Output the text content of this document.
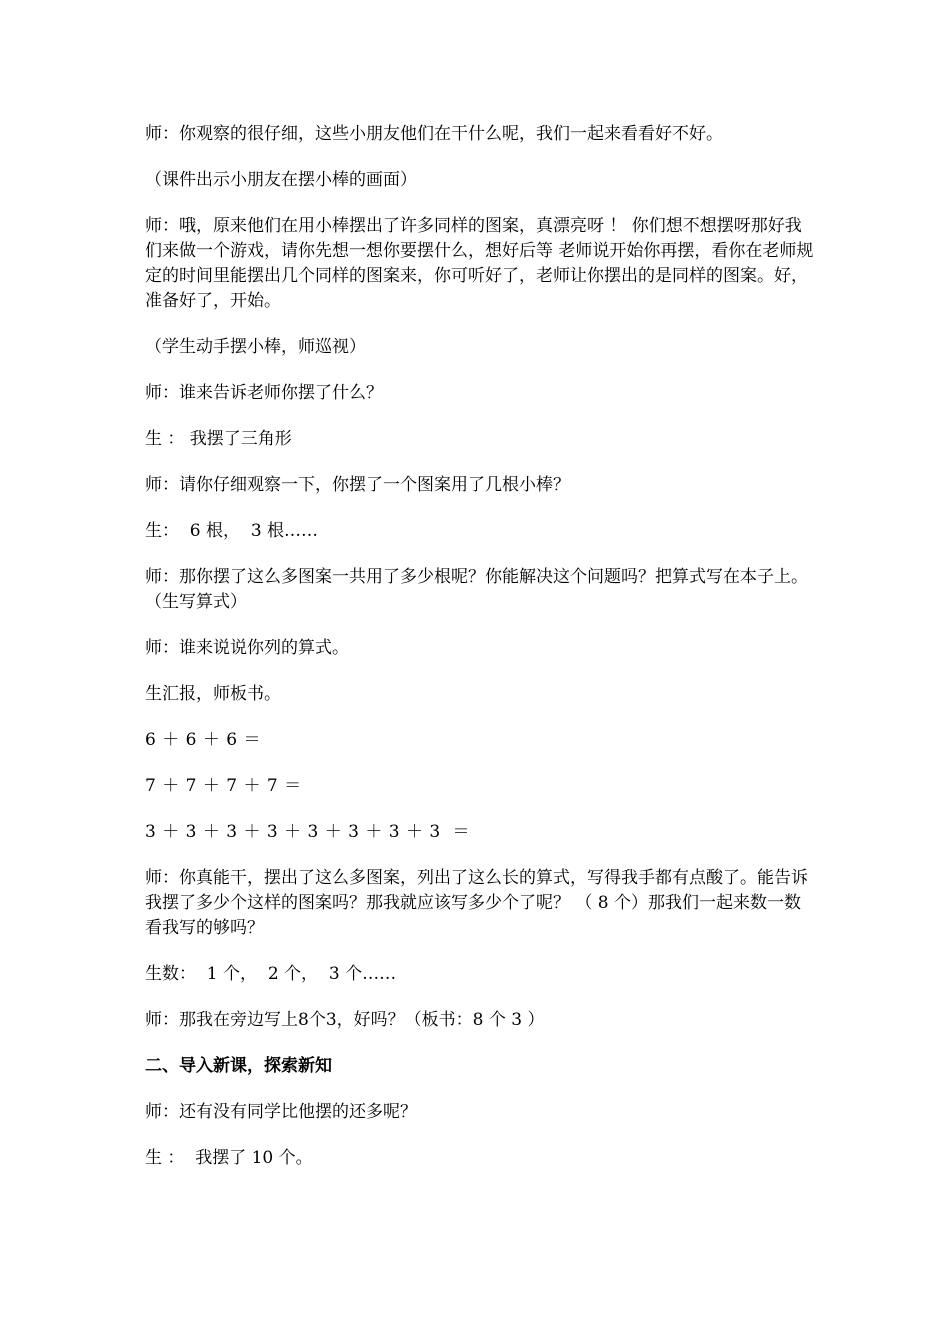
师：你观察的很仔细，这些小朋友他们在干什么呢，我们一起来看看好不好。

（课件出示小朋友在摆小棒的画面）

师：哦，原来他们在用小棒摆出了许多同样的图案，真漂亮呀 ！ 你们想不想摆呀那好我们来做一个游戏，请你先想一想你要摆什么，想好后等 老师说开始你再摆，看你在老师规定的时间里能摆出几个同样的图案来，你可听好了，老师让你摆出的是同样的图案。好，准备好了，开始。

（学生动手摆小棒，师巡视）

师：谁来告诉老师你摆了什么？

生 ： 我摆了三角形

师：请你仔细观察一下，你摆了一个图案用了几根小棒？

生：  6 根，  3 根……

师：那你摆了这么多图案一共用了多少根呢？你能解决这个问题吗？把算式写在本子上。（生写算式）

师：谁来说说你列的算式。

生汇报，师板书。

6 ＋ 6 ＋ 6 ＝

7 ＋ 7 ＋ 7 ＋ 7 ＝

3 ＋ 3 ＋ 3 ＋ 3 ＋ 3 ＋ 3 ＋ 3 ＋ 3  ＝

师：你真能干，摆出了这么多图案，列出了这么长的算式，写得我手都有点酸了。能告诉我摆了多少个这样的图案吗？那我就应该写多少个了呢？ （ 8 个）那我们一起来数一数看我写的够吗？

生数：  1 个，  2 个，  3 个……

师：那我在旁边写上8个3，好吗？（板书：8 个 3 ）

二、导入新课，探索新知

师：还有没有同学比他摆的还多呢？

生 ：  我摆了 10 个。
